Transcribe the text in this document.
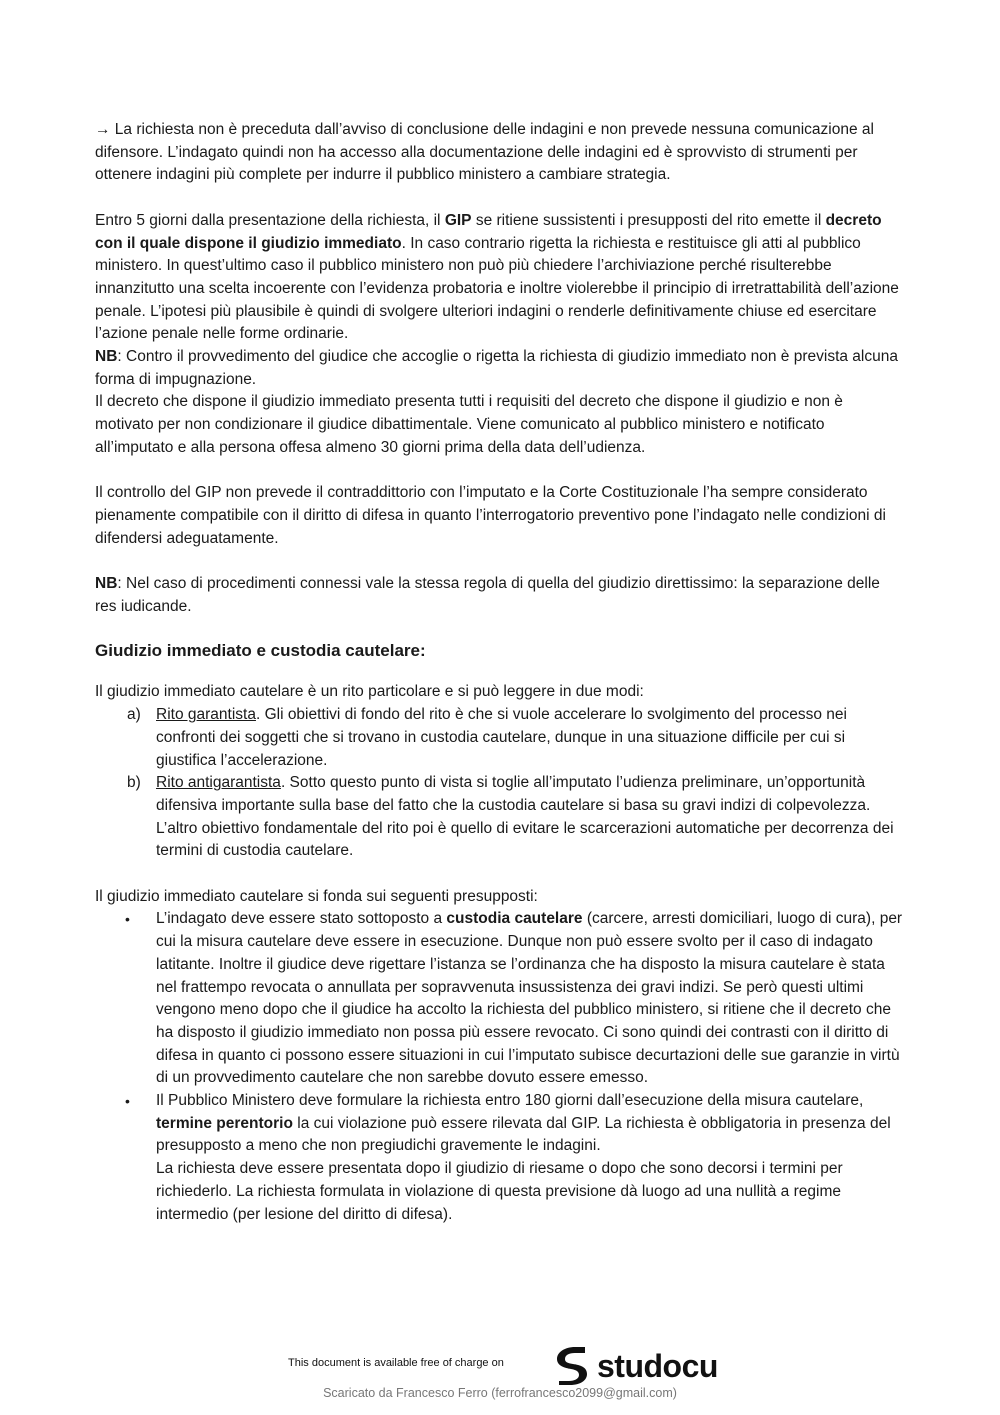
→ La richiesta non è preceduta dall’avviso di conclusione delle indagini e non prevede nessuna comunicazione al difensore. L’indagato quindi non ha accesso alla documentazione delle indagini ed è sprovvisto di strumenti per ottenere indagini più complete per indurre il pubblico ministero a cambiare strategia.

Entro 5 giorni dalla presentazione della richiesta, il GIP se ritiene sussistenti i presupposti del rito emette il decreto con il quale dispone il giudizio immediato. In caso contrario rigetta la richiesta e restituisce gli atti al pubblico ministero. In quest’ultimo caso il pubblico ministero non può più chiedere l’archiviazione perché risulterebbe innanzitutto una scelta incoerente con l’evidenza probatoria e inoltre violerebbe il principio di irretrattabilità dell’azione penale. L’ipotesi più plausibile è quindi di svolgere ulteriori indagini o renderle definitivamente chiuse ed esercitare l’azione penale nelle forme ordinarie.

NB: Contro il provvedimento del giudice che accoglie o rigetta la richiesta di giudizio immediato non è prevista alcuna forma di impugnazione.

Il decreto che dispone il giudizio immediato presenta tutti i requisiti del decreto che dispone il giudizio e non è motivato per non condizionare il giudice dibattimentale. Viene comunicato al pubblico ministero e notificato all’imputato e alla persona offesa almeno 30 giorni prima della data dell’udienza.

Il controllo del GIP non prevede il contraddittorio con l’imputato e la Corte Costituzionale l’ha sempre considerato pienamente compatibile con il diritto di difesa in quanto l’interrogatorio preventivo pone l’indagato nelle condizioni di difendersi adeguatamente.

NB: Nel caso di procedimenti connessi vale la stessa regola di quella del giudizio direttissimo: la separazione delle res iudicande.

Giudizio immediato e custodia cautelare:

Il giudizio immediato cautelare è un rito particolare e si può leggere in due modi:

a) Rito garantista. Gli obiettivi di fondo del rito è che si vuole accelerare lo svolgimento del processo nei confronti dei soggetti che si trovano in custodia cautelare, dunque in una situazione difficile per cui si giustifica l’accelerazione.
b) Rito antigarantista. Sotto questo punto di vista si toglie all’imputato l’udienza preliminare, un’opportunità difensiva importante sulla base del fatto che la custodia cautelare si basa su gravi indizi di colpevolezza. L’altro obiettivo fondamentale del rito poi è quello di evitare le scarcerazioni automatiche per decorrenza dei termini di custodia cautelare.

Il giudizio immediato cautelare si fonda sui seguenti presupposti:

•	L’indagato deve essere stato sottoposto a custodia cautelare (carcere, arresti domiciliari, luogo di cura), per cui la misura cautelare deve essere in esecuzione. Dunque non può essere svolto per il caso di indagato latitante. Inoltre il giudice deve rigettare l’istanza se l’ordinanza che ha disposto la misura cautelare è stata nel frattempo revocata o annullata per sopravvenuta insussistenza dei gravi indizi. Se però questi ultimi vengono meno dopo che il giudice ha accolto la richiesta del pubblico ministero, si ritiene che il decreto che ha disposto il giudizio immediato non possa più essere revocato. Ci sono quindi dei contrasti con il diritto di difesa in quanto ci possono essere situazioni in cui l’imputato subisce decurtazioni delle sue garanzie in virtù di un provvedimento cautelare che non sarebbe dovuto essere emesso.
•	Il Pubblico Ministero deve formulare la richiesta entro 180 giorni dall’esecuzione della misura cautelare, termine perentorio la cui violazione può essere rilevata dal GIP. La richiesta è obbligatoria in presenza del presupposto a meno che non pregiudichi gravemente le indagini.
La richiesta deve essere presentata dopo il giudizio di riesame o dopo che sono decorsi i termini per richiederlo. La richiesta formulata in violazione di questa previsione dà luogo ad una nullità a regime intermedio (per lesione del diritto di difesa).
This document is available free of charge on	studocu
Scaricato da Francesco Ferro (ferrofrancesco2099@gmail.com)
